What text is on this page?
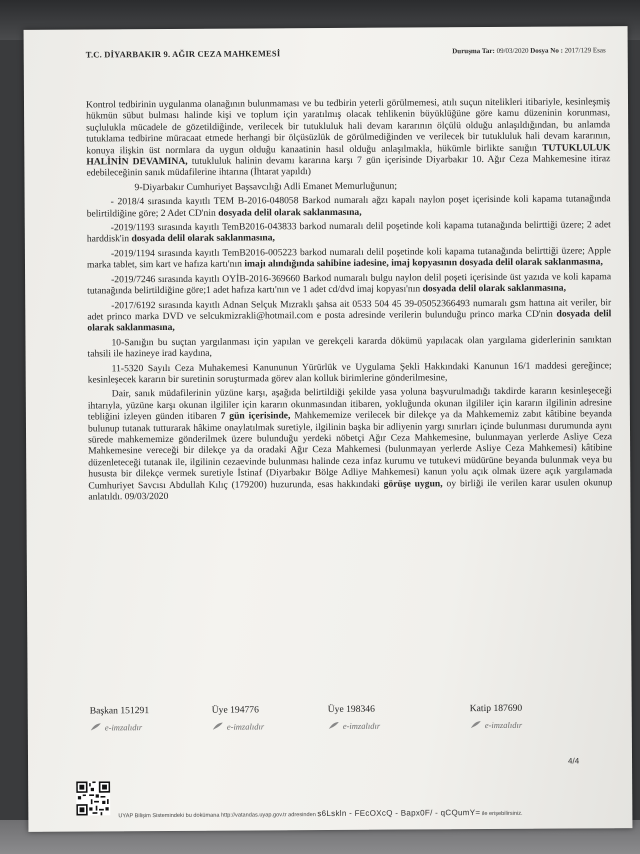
T.C. DİYARBAKIR 9. AĞIR CEZA MAHKEMESİ	Duruşma Tar: 09/03/2020 Dosya No : 2017/129 Esas

Kontrol tedbirinin uygulanma olanağının bulunmaması ve bu tedbirin yeterli görülmemesi, atılı suçun nitelikleri itibariyle, kesinleşmiş hükmün sübut bulması halinde kişi ve toplum için yaratılmış olacak tehlikenin büyüklüğüne göre kamu düzeninin korunması, suçlulukla mücadele de gözetildiğinde, verilecek bir tutukluluk hali devam kararının ölçülü olduğu anlaşıldığından, bu anlamda tutuklama tedbirine müracaat etmede herhangi bir ölçüsüzlük de görülmediğinden ve verilecek bir tutukluluk hali devam kararının, konuya ilişkin üst normlara da uygun olduğu kanaatinin hasıl olduğu anlaşılmakla, hükümle birlikte sanığın TUTUKLULUK HALİNİN DEVAMINA, tutukluluk halinin devamı kararına karşı 7 gün içerisinde Diyarbakır 10. Ağır Ceza Mahkemesine itiraz edebileceğinin sanık müdafilerine ihtarına (İhtarat yapıldı)

9-Diyarbakır Cumhuriyet Başsavcılığı Adli Emanet Memurluğunun;

- 2018/4 sırasında kayıtlı TEM B-2016-048058 Barkod numaralı ağzı kapalı naylon poşet içerisinde koli kapama tutanağında belirtildiğine göre; 2 Adet CD'nin dosyada delil olarak saklanmasına,

-2019/1193 sırasında kayıtlı TemB2016-043833 barkod numaralı delil poşetinde koli kapama tutanağında belirttiği üzere; 2 adet harddisk'in dosyada delil olarak saklanmasına,

-2019/1194 sırasında kayıtlı TemB2016-005223 barkod numaralı delil poşetinde koli kapama tutanağında belirttiği üzere; Apple marka tablet, sim kart ve hafıza kartı'nın imajı alındığında sahibine iadesine, imaj kopyasının dosyada delil olarak saklanmasına,

-2019/7246 sırasında kayıtlı OYİB-2016-369660 Barkod numaralı bulgu naylon delil poşeti içerisinde üst yazıda ve koli kapama tutanağında belirtildiğine göre;1 adet hafıza kartı'nın ve 1 adet cd/dvd imaj kopyası'nın dosyada delil olarak saklanmasına,

-2017/6192 sırasında kayıtlı Adnan Selçuk Mızraklı şahsa ait 0533 504 45 39-05052366493 numaralı gsm hattına ait veriler, bir adet princo marka DVD ve selcukmizrakli@hotmail.com e posta adresinde verilerin bulunduğu princo marka CD'nin dosyada delil olarak saklanmasına,

10-Sanığın bu suçtan yargılanması için yapılan ve gerekçeli kararda dökümü yapılacak olan yargılama giderlerinin sanıktan tahsili ile hazineye irad kaydına,

11-5320 Sayılı Ceza Muhakemesi Kanununun Yürürlük ve Uygulama Şekli Hakkındaki Kanunun 16/1 maddesi gereğince; kesinleşecek kararın bir suretinin soruşturmada görev alan kolluk birimlerine gönderilmesine,

Dair, sanık müdafilerinin yüzüne karşı, aşağıda belirtildiği şekilde yasa yoluna başvurulmadığı takdirde kararın kesinleşeceği ihtarıyla, yüzüne karşı okunan ilgililer için kararın okunmasından itibaren, yokluğunda okunan ilgililer için kararın ilgilinin adresine tebliğini izleyen günden itibaren 7 gün içerisinde, Mahkememize verilecek bir dilekçe ya da Mahkememiz zabıt kâtibine beyanda bulunup tutanak tutturarak hâkime onaylatılmak suretiyle, ilgilinin başka bir adliyenin yargı sınırları içinde bulunması durumunda aynı sürede mahkememize gönderilmek üzere bulunduğu yerdeki nöbetçi Ağır Ceza Mahkemesine, bulunmayan yerlerde Asliye Ceza Mahkemesine vereceği bir dilekçe ya da oradaki Ağır Ceza Mahkemesi (bulunmayan yerlerde Asliye Ceza Mahkemesi) kâtibine düzenleteceği tutanak ile, ilgilinin cezaevinde bulunması halinde ceza infaz kurumu ve tutukevi müdürüne beyanda bulunmak veya bu hususta bir dilekçe vermek suretiyle İstinaf (Diyarbakır Bölge Adliye Mahkemesi) kanun yolu açık olmak üzere açık yargılamada Cumhuriyet Savcısı Abdullah Kılıç (179200) huzurunda, esas hakkındaki görüşe uygun, oy birliği ile verilen karar usulen okunup anlatıldı. 09/03/2020

Başkan 151291
e-imzalıdır
Üye 194776
e-imzalıdır
Üye 198346
e-imzalıdır
Katip 187690
e-imzalıdır
4/4
UYAP Bilişim Sistemindeki bu dokümana http://vatandas.uyap.gov.tr adresinden s6Lskln - FEcOXcQ - Bapx0F/ - qCQumY= ile erişebilirsiniz.
